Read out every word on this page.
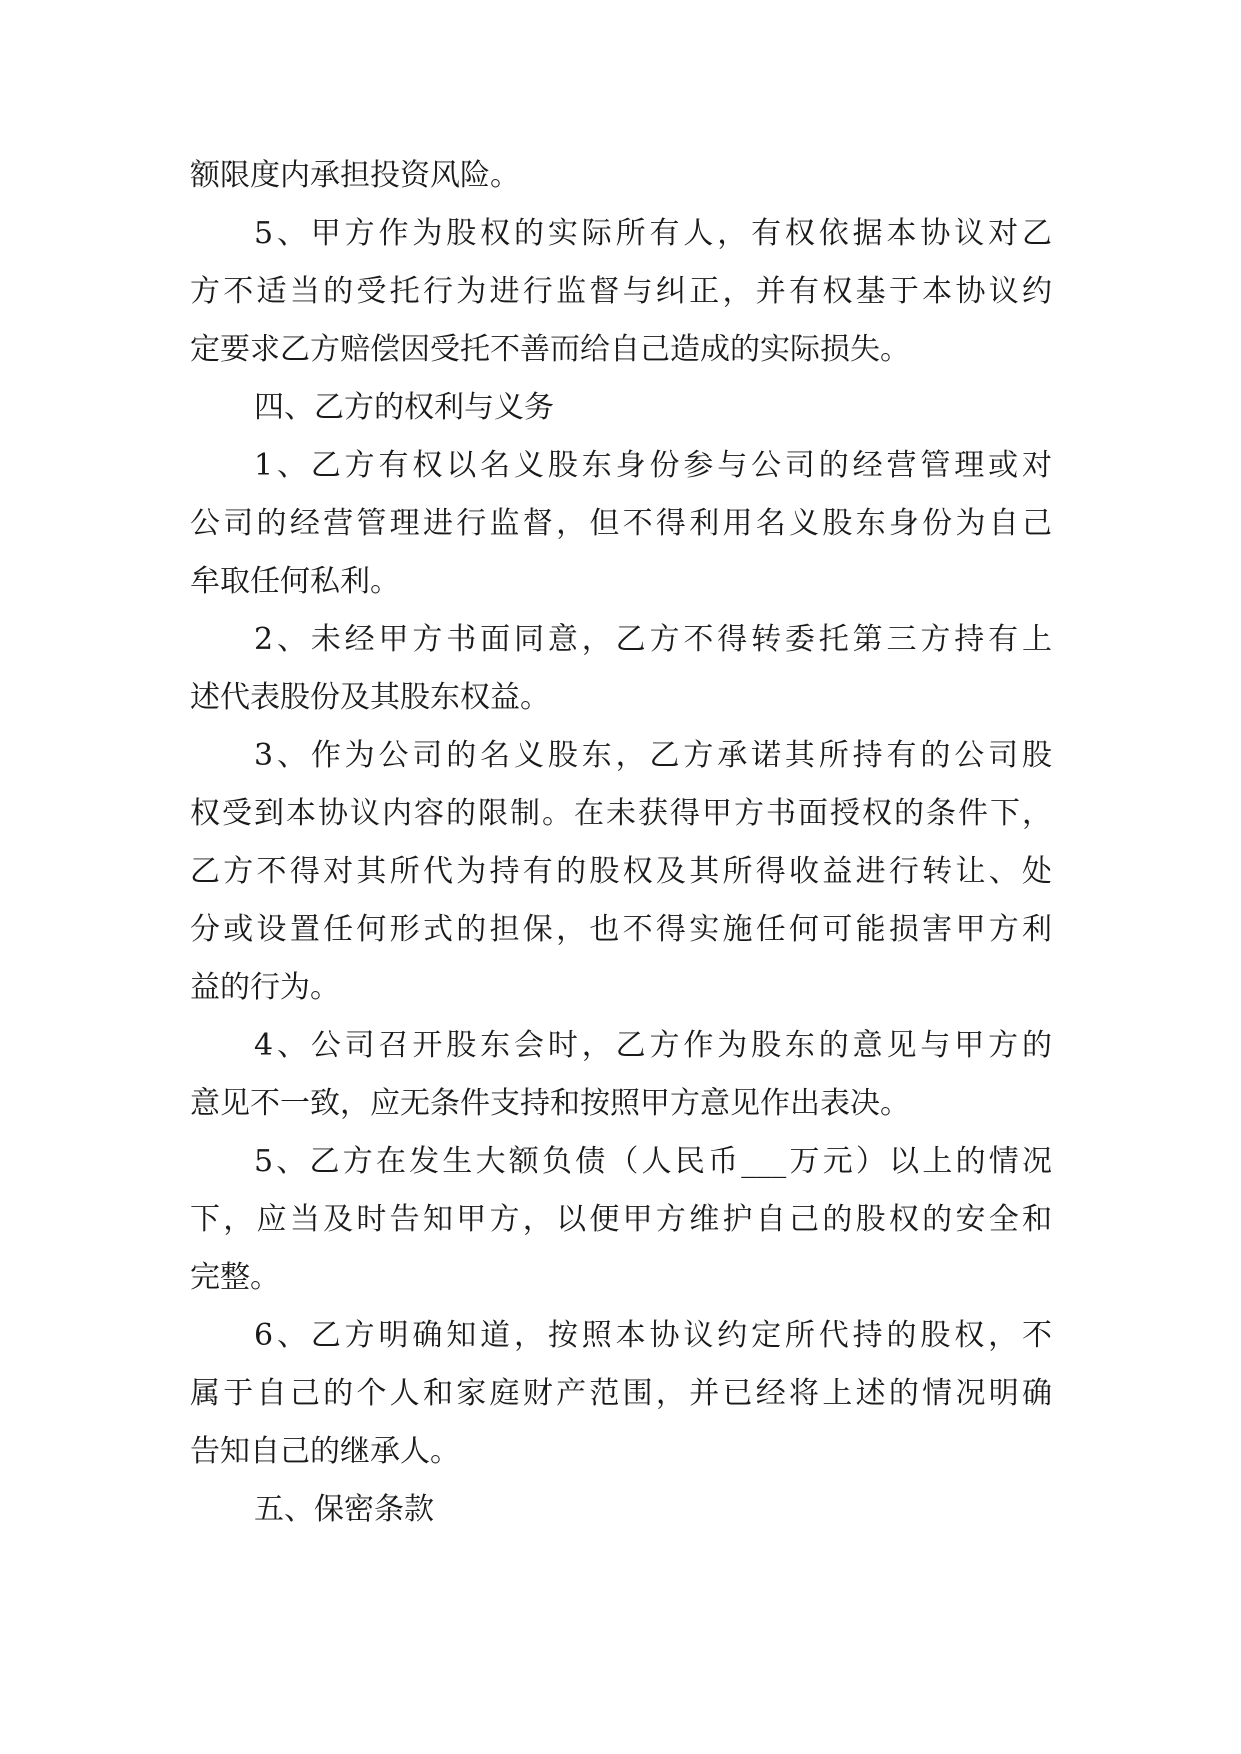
额限度内承担投资风险。
5、甲方作为股权的实际所有人，有权依据本协议对乙
方不适当的受托行为进行监督与纠正，并有权基于本协议约
定要求乙方赔偿因受托不善而给自己造成的实际损失。
四、乙方的权利与义务
1、乙方有权以名义股东身份参与公司的经营管理或对
公司的经营管理进行监督，但不得利用名义股东身份为自己
牟取任何私利。
2、未经甲方书面同意，乙方不得转委托第三方持有上
述代表股份及其股东权益。
3、作为公司的名义股东，乙方承诺其所持有的公司股
权受到本协议内容的限制。在未获得甲方书面授权的条件下，
乙方不得对其所代为持有的股权及其所得收益进行转让、处
分或设置任何形式的担保，也不得实施任何可能损害甲方利
益的行为。
4、公司召开股东会时，乙方作为股东的意见与甲方的
意见不一致，应无条件支持和按照甲方意见作出表决。
5、乙方在发生大额负债（人民币___万元）以上的情况
下，应当及时告知甲方，以便甲方维护自己的股权的安全和
完整。
6、乙方明确知道，按照本协议约定所代持的股权，不
属于自己的个人和家庭财产范围，并已经将上述的情况明确
告知自己的继承人。
五、保密条款
